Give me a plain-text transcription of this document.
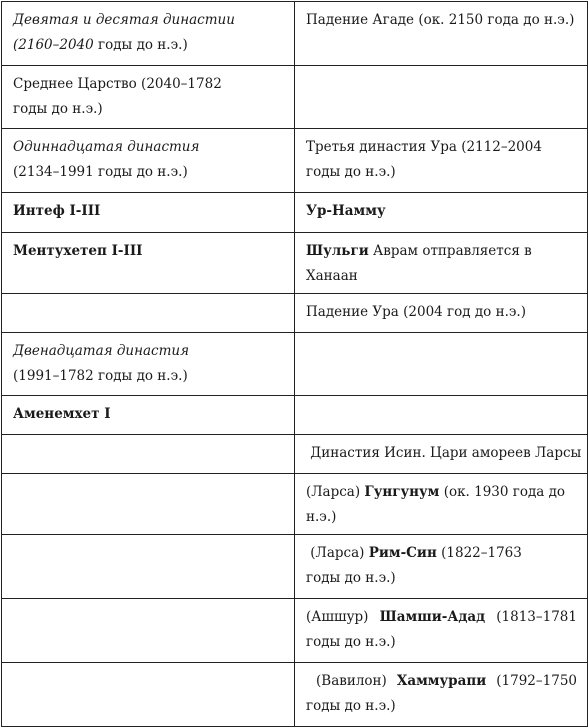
Девятая и десятая династии (2160–2040 годы до н.э.)	Падение Агаде (ок. 2150 года до н.э.)
Среднее Царство (2040–1782 годы до н.э.)	
Одиннадцатая династия (2134–1991 годы до н.э.)	Третья династия Ура (2112–2004 годы до н.э.)
Интеф I-III	Ур-Намму
Ментухетеп I-III	Шульги Аврам отправляется в Ханаан
	Падение Ура (2004 год до н.э.)
Двенадцатая династия (1991–1782 годы до н.э.)	
Аменемхет I	
	Династия Исин. Цари амореев Ларсы
	(Ларса) Гунгунум (ок. 1930 года до н.э.)
	(Ларса) Рим-Син (1822–1763 годы до н.э.)
	(Ашшур) Шамши-Адад (1813–1781 годы до н.э.)
	(Вавилон) Хаммурапи (1792–1750 годы до н.э.)
